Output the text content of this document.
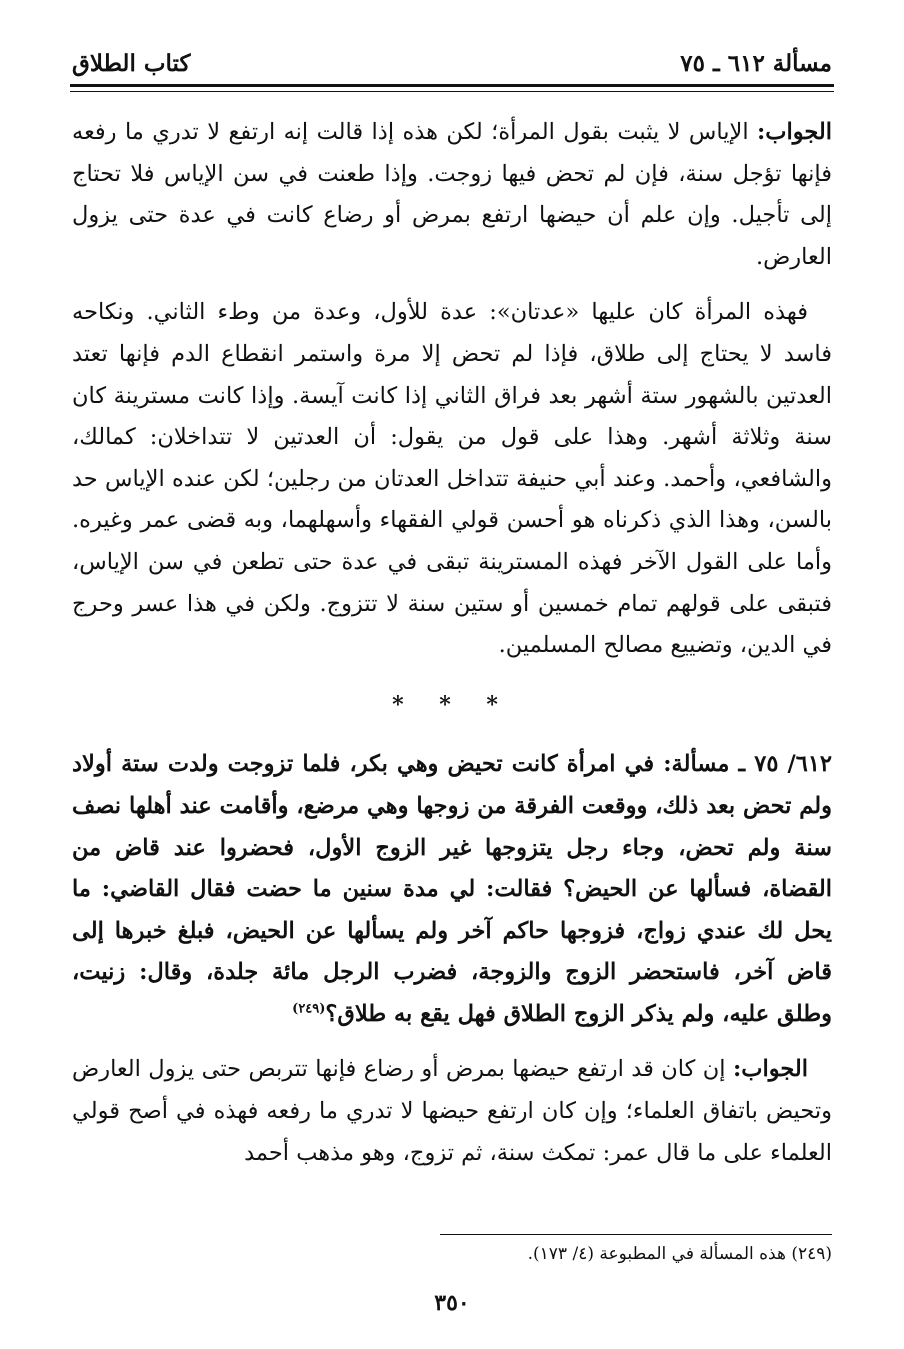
مسألة ٦١٢ ـ ٧٥
كتاب الطلاق

الجواب: الإياس لا يثبت بقول المرأة؛ لكن هذه إذا قالت إنه ارتفع لا تدري ما رفعه فإنها تؤجل سنة، فإن لم تحض فيها زوجت. وإذا طعنت في سن الإياس فلا تحتاج إلى تأجيل. وإن علم أن حيضها ارتفع بمرض أو رضاع كانت في عدة حتى يزول العارض.

فهذه المرأة كان عليها «عدتان»: عدة للأول، وعدة من وطء الثاني. ونكاحه فاسد لا يحتاج إلى طلاق، فإذا لم تحض إلا مرة واستمر انقطاع الدم فإنها تعتد العدتين بالشهور ستة أشهر بعد فراق الثاني إذا كانت آيسة. وإذا كانت مسترينة كان سنة وثلاثة أشهر. وهذا على قول من يقول: أن العدتين لا تتداخلان: كمالك، والشافعي، وأحمد. وعند أبي حنيفة تتداخل العدتان من رجلين؛ لكن عنده الإياس حد بالسن، وهذا الذي ذكرناه هو أحسن قولي الفقهاء وأسهلهما، وبه قضى عمر وغيره. وأما على القول الآخر فهذه المسترينة تبقى في عدة حتى تطعن في سن الإياس، فتبقى على قولهم تمام خمسين أو ستين سنة لا تتزوج. ولكن في هذا عسر وحرج في الدين، وتضييع مصالح المسلمين.

* * *

٦١٢/ ٧٥ ـ مسألة: في امرأة كانت تحيض وهي بكر، فلما تزوجت ولدت ستة أولاد ولم تحض بعد ذلك، ووقعت الفرقة من زوجها وهي مرضع، وأقامت عند أهلها نصف سنة ولم تحض، وجاء رجل يتزوجها غير الزوج الأول، فحضروا عند قاض من القضاة، فسألها عن الحيض؟ فقالت: لي مدة سنين ما حضت فقال القاضي: ما يحل لك عندي زواج، فزوجها حاكم آخر ولم يسألها عن الحيض، فبلغ خبرها إلى قاض آخر، فاستحضر الزوج والزوجة، فضرب الرجل مائة جلدة، وقال: زنيت، وطلق عليه، ولم يذكر الزوج الطلاق فهل يقع به طلاق؟$^{(٢٤٩)}$

الجواب: إن كان قد ارتفع حيضها بمرض أو رضاع فإنها تتربص حتى يزول العارض وتحيض باتفاق العلماء؛ وإن كان ارتفع حيضها لا تدري ما رفعه فهذه في أصح قولي العلماء على ما قال عمر: تمكث سنة، ثم تزوج، وهو مذهب أحمد

(٢٤٩) هذه المسألة في المطبوعة (٤/ ١٧٣).
٣٥٠
